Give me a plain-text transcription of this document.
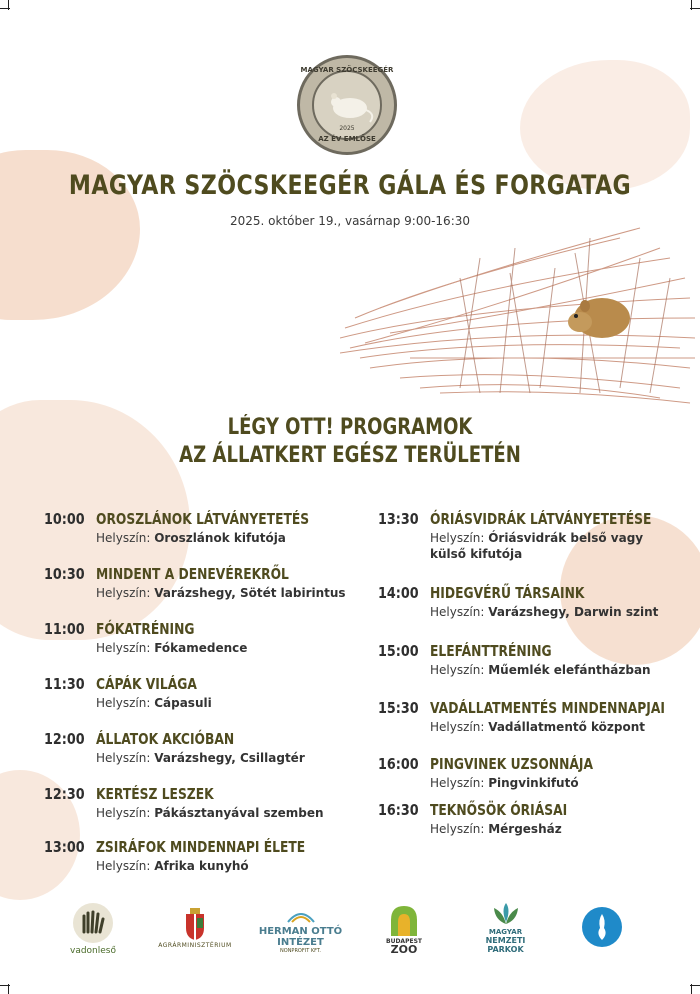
MAGYAR SZÖCSKEEGÉR
2025
AZ ÉV EMLŐSE
MAGYAR SZÖCSKEEGÉR GÁLA ÉS FORGATAG
2025. október 19., vasárnap 9:00-16:30
LÉGY OTT! PROGRAMOK
AZ ÁLLATKERT EGÉSZ TERÜLETÉN
10:00 OROSZLÁNOK LÁTVÁNYETETÉS
Helyszín: Oroszlánok kifutója
10:30 MINDENT A DENEVÉREKRŐL
Helyszín: Varázshegy, Sötét labirintus
11:00 FÓKATRÉNING
Helyszín: Fókamedence
11:30 CÁPÁK VILÁGA
Helyszín: Cápasuli
12:00 ÁLLATOK AKCIÓBAN
Helyszín: Varázshegy, Csillagtér
12:30 KERTÉSZ LESZEK
Helyszín: Pákásztanyával szemben
13:00 ZSIRÁFOK MINDENNAPI ÉLETE
Helyszín: Afrika kunyhó
13:30 ÓRIÁSVIDRÁK LÁTVÁNYETETÉSE
Helyszín: Óriásvidrák belső vagy
külső kifutója
14:00 HIDEGVÉRŰ TÁRSAINK
Helyszín: Varázshegy, Darwin szint
15:00 ELEFÁNTTRÉNING
Helyszín: Műemlék elefántházban
15:30 VADÁLLATMENTÉS MINDENNAPJAI
Helyszín: Vadállatmentő központ
16:00 PINGVINEK UZSONNÁJA
Helyszín: Pingvinkifutó
16:30 TEKNŐSÖK ÓRIÁSAI
Helyszín: Mérgesház
vadonleső
AGRÁRMINISZTÉRIUM
HERMAN OTTÓ
INTÉZET
NONPROFIT KFT.
BUDAPEST
ZOO
MAGYAR
NEMZETI
PARKOK
